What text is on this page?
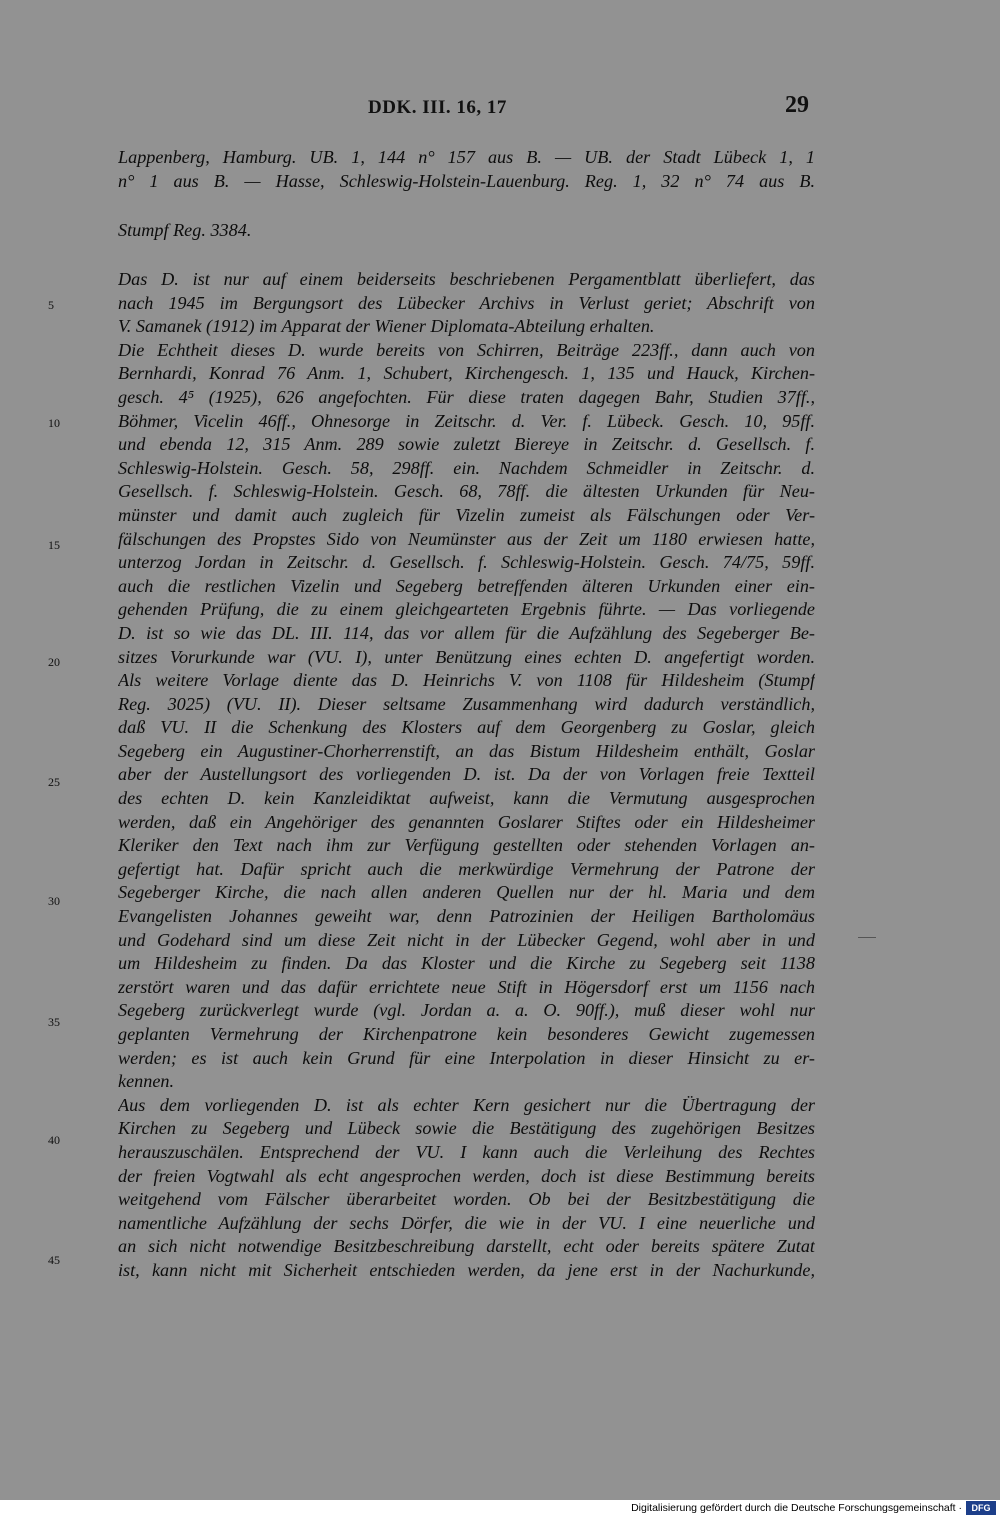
DDK. III. 16, 17	29
Lappenberg, Hamburg. UB. 1, 144 n° 157 aus B. — UB. der Stadt Lübeck 1, 1
n° 1 aus B. — Hasse, Schleswig-Holstein-Lauenburg. Reg. 1, 32 n° 74 aus B.
Stumpf Reg. 3384.
Das D. ist nur auf einem beiderseits beschriebenen Pergamentblatt überliefert, das
nach 1945 im Bergungsort des Lübecker Archivs in Verlust geriet; Abschrift von
V. Samanek (1912) im Apparat der Wiener Diplomata-Abteilung erhalten.
Die Echtheit dieses D. wurde bereits von Schirren, Beiträge 223ff., dann auch von
Bernhardi, Konrad 76 Anm. 1, Schubert, Kirchengesch. 1, 135 und Hauck, Kirchen-
gesch. 4⁵ (1925), 626 angefochten. Für diese traten dagegen Bahr, Studien 37ff.,
Böhmer, Vicelin 46ff., Ohnesorge in Zeitschr. d. Ver. f. Lübeck. Gesch. 10, 95ff.
und ebenda 12, 315 Anm. 289 sowie zuletzt Biereye in Zeitschr. d. Gesellsch. f.
Schleswig-Holstein. Gesch. 58, 298ff. ein. Nachdem Schmeidler in Zeitschr. d.
Gesellsch. f. Schleswig-Holstein. Gesch. 68, 78ff. die ältesten Urkunden für Neu-
münster und damit auch zugleich für Vizelin zumeist als Fälschungen oder Ver-
fälschungen des Propstes Sido von Neumünster aus der Zeit um 1180 erwiesen hatte,
unterzog Jordan in Zeitschr. d. Gesellsch. f. Schleswig-Holstein. Gesch. 74/75, 59ff.
auch die restlichen Vizelin und Segeberg betreffenden älteren Urkunden einer ein-
gehenden Prüfung, die zu einem gleichgearteten Ergebnis führte. — Das vorliegende
D. ist so wie das DL. III. 114, das vor allem für die Aufzählung des Segeberger Be-
sitzes Vorurkunde war (VU. I), unter Benützung eines echten D. angefertigt worden.
Als weitere Vorlage diente das D. Heinrichs V. von 1108 für Hildesheim (Stumpf
Reg. 3025) (VU. II). Dieser seltsame Zusammenhang wird dadurch verständlich,
daß VU. II die Schenkung des Klosters auf dem Georgenberg zu Goslar, gleich
Segeberg ein Augustiner-Chorherrenstift, an das Bistum Hildesheim enthält, Goslar
aber der Austellungsort des vorliegenden D. ist. Da der von Vorlagen freie Textteil
des echten D. kein Kanzleidiktat aufweist, kann die Vermutung ausgesprochen
werden, daß ein Angehöriger des genannten Goslarer Stiftes oder ein Hildesheimer
Kleriker den Text nach ihm zur Verfügung gestellten oder stehenden Vorlagen an-
gefertigt hat. Dafür spricht auch die merkwürdige Vermehrung der Patrone der
Segeberger Kirche, die nach allen anderen Quellen nur der hl. Maria und dem
Evangelisten Johannes geweiht war, denn Patrozinien der Heiligen Bartholomäus
und Godehard sind um diese Zeit nicht in der Lübecker Gegend, wohl aber in und
um Hildesheim zu finden. Da das Kloster und die Kirche zu Segeberg seit 1138
zerstört waren und das dafür errichtete neue Stift in Högersdorf erst um 1156 nach
Segeberg zurückverlegt wurde (vgl. Jordan a. a. O. 90ff.), muß dieser wohl nur
geplanten Vermehrung der Kirchenpatrone kein besonderes Gewicht zugemessen
werden; es ist auch kein Grund für eine Interpolation in dieser Hinsicht zu er-
kennen.
Aus dem vorliegenden D. ist als echter Kern gesichert nur die Übertragung der
Kirchen zu Segeberg und Lübeck sowie die Bestätigung des zugehörigen Besitzes
herauszuschälen. Entsprechend der VU. I kann auch die Verleihung des Rechtes
der freien Vogtwahl als echt angesprochen werden, doch ist diese Bestimmung bereits
weitgehend vom Fälscher überarbeitet worden. Ob bei der Besitzbestätigung die
namentliche Aufzählung der sechs Dörfer, die wie in der VU. I eine neuerliche und
an sich nicht notwendige Besitzbeschreibung darstellt, echt oder bereits spätere Zutat
ist, kann nicht mit Sicherheit entschieden werden, da jene erst in der Nachurkunde,
5
10
15
20
25
30
35
40
45
Digitalisierung gefördert durch die Deutsche Forschungsgemeinschaft ·	DFG
